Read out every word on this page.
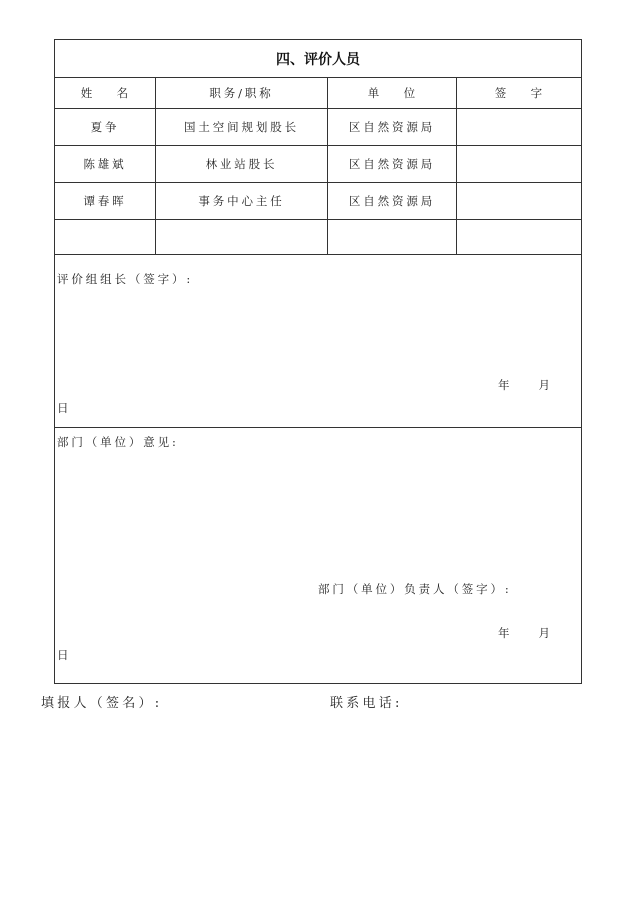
四、评价人员
姓 名	职务/职称	单 位	签 字
夏争	国土空间规划股长	区自然资源局
陈雄斌	林业站股长	区自然资源局
谭春晖	事务中心主任	区自然资源局
评价组组长（签字）:
年 月
日
部门（单位）意见:
部门（单位）负责人（签字）:
年 月
日
填报人（签名）:	联系电话:
